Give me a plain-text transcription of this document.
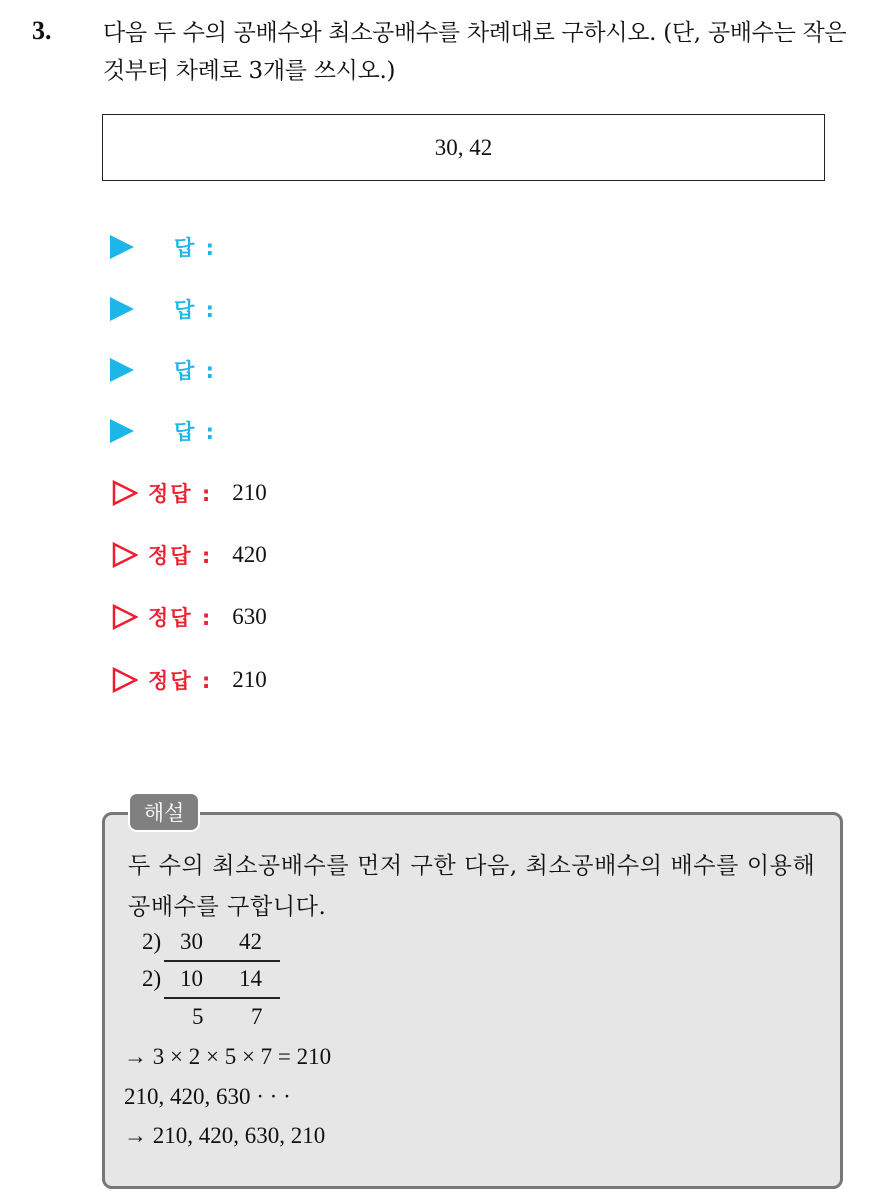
3. 다음 두 수의 공배수와 최소공배수를 차례대로 구하시오. (단, 공배수는 작은 것부터 차례로 3개를 쓰시오.)
30, 42
답 :
답 :
답 :
답 :
정답 : 210
정답 : 420
정답 : 630
정답 : 210
해설
두 수의 최소공배수를 먼저 구한 다음, 최소공배수의 배수를 이용해 공배수를 구합니다.
2) 30 42
2) 10 14
5 7
→ 3 × 2 × 5 × 7 = 210
210, 420, 630 · · ·
→ 210, 420, 630, 210
